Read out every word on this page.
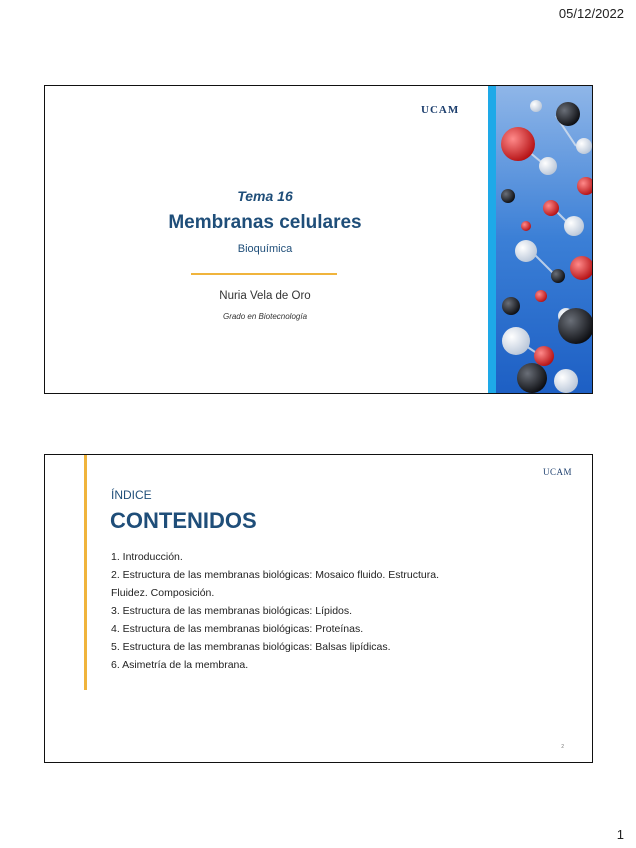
05/12/2022
UCAM
Tema 16
Membranas celulares
Bioquímica
Nuria Vela de Oro
Grado en Biotecnología
UCAM
ÍNDICE
CONTENIDOS
1. Introducción.
2. Estructura de las membranas biológicas: Mosaico fluido. Estructura.
Fluidez. Composición.
3. Estructura de las membranas biológicas: Lípidos.
4. Estructura de las membranas biológicas: Proteínas.
5. Estructura de las membranas biológicas: Balsas lipídicas.
6. Asimetría de la membrana.
2
1
